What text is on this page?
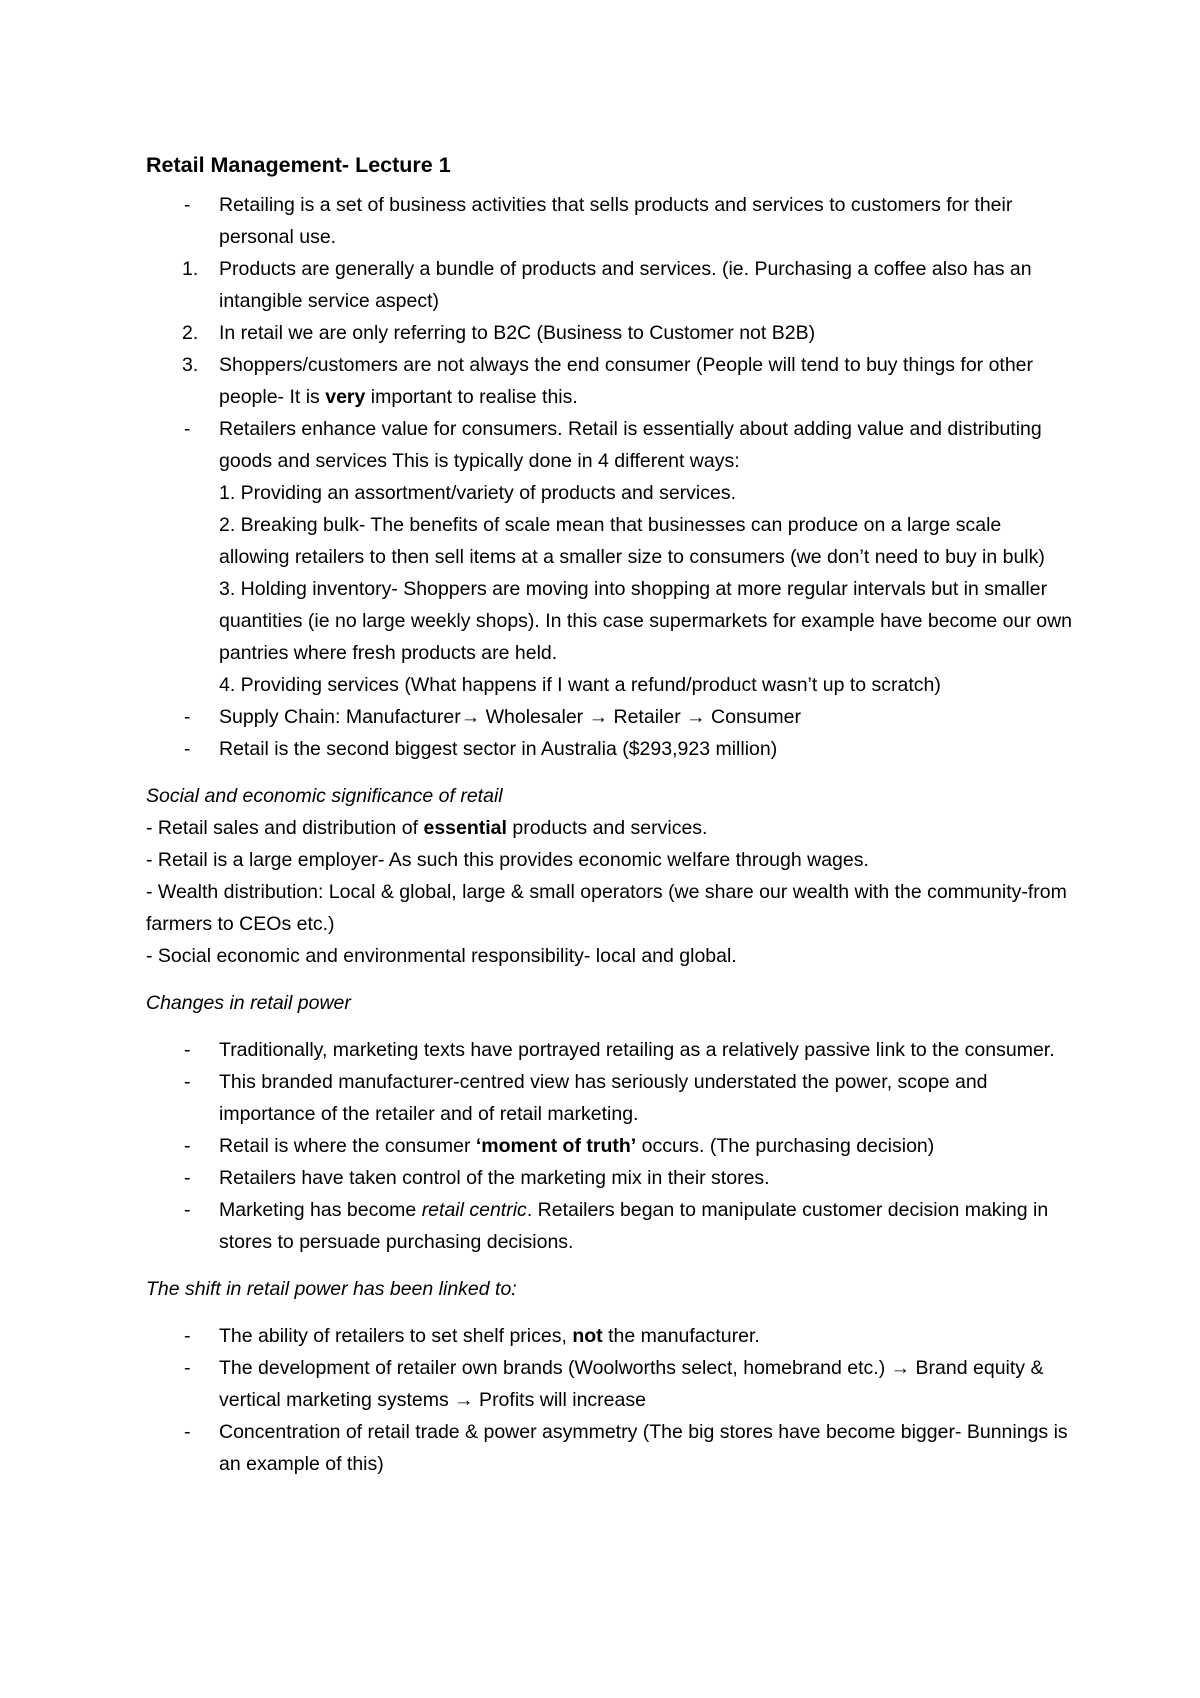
Retail Management- Lecture 1
- Retailing is a set of business activities that sells products and services to customers for their personal use.
1. Products are generally a bundle of products and services. (ie. Purchasing a coffee also has an intangible service aspect)
2. In retail we are only referring to B2C (Business to Customer not B2B)
3. Shoppers/customers are not always the end consumer (People will tend to buy things for other people- It is very important to realise this.
- Retailers enhance value for consumers. Retail is essentially about adding value and distributing goods and services This is typically done in 4 different ways:
1. Providing an assortment/variety of products and services.
2. Breaking bulk- The benefits of scale mean that businesses can produce on a large scale allowing retailers to then sell items at a smaller size to consumers (we don’t need to buy in bulk)
3. Holding inventory- Shoppers are moving into shopping at more regular intervals but in smaller quantities (ie no large weekly shops). In this case supermarkets for example have become our own pantries where fresh products are held.
4. Providing services (What happens if I want a refund/product wasn’t up to scratch)
- Supply Chain: Manufacturer→ Wholesaler → Retailer → Consumer
- Retail is the second biggest sector in Australia ($293,923 million)

Social and economic significance of retail

- Retail sales and distribution of essential products and services.

- Retail is a large employer- As such this provides economic welfare through wages.

- Wealth distribution: Local & global, large & small operators (we share our wealth with the community-from farmers to CEOs etc.)

- Social economic and environmental responsibility- local and global.

Changes in retail power

- Traditionally, marketing texts have portrayed retailing as a relatively passive link to the consumer.
- This branded manufacturer-centred view has seriously understated the power, scope and importance of the retailer and of retail marketing.
- Retail is where the consumer ‘moment of truth’ occurs. (The purchasing decision)
- Retailers have taken control of the marketing mix in their stores.
- Marketing has become retail centric. Retailers began to manipulate customer decision making in stores to persuade purchasing decisions.

The shift in retail power has been linked to:

- The ability of retailers to set shelf prices, not the manufacturer.
- The development of retailer own brands (Woolworths select, homebrand etc.) → Brand equity & vertical marketing systems → Profits will increase
- Concentration of retail trade & power asymmetry (The big stores have become bigger- Bunnings is an example of this)
